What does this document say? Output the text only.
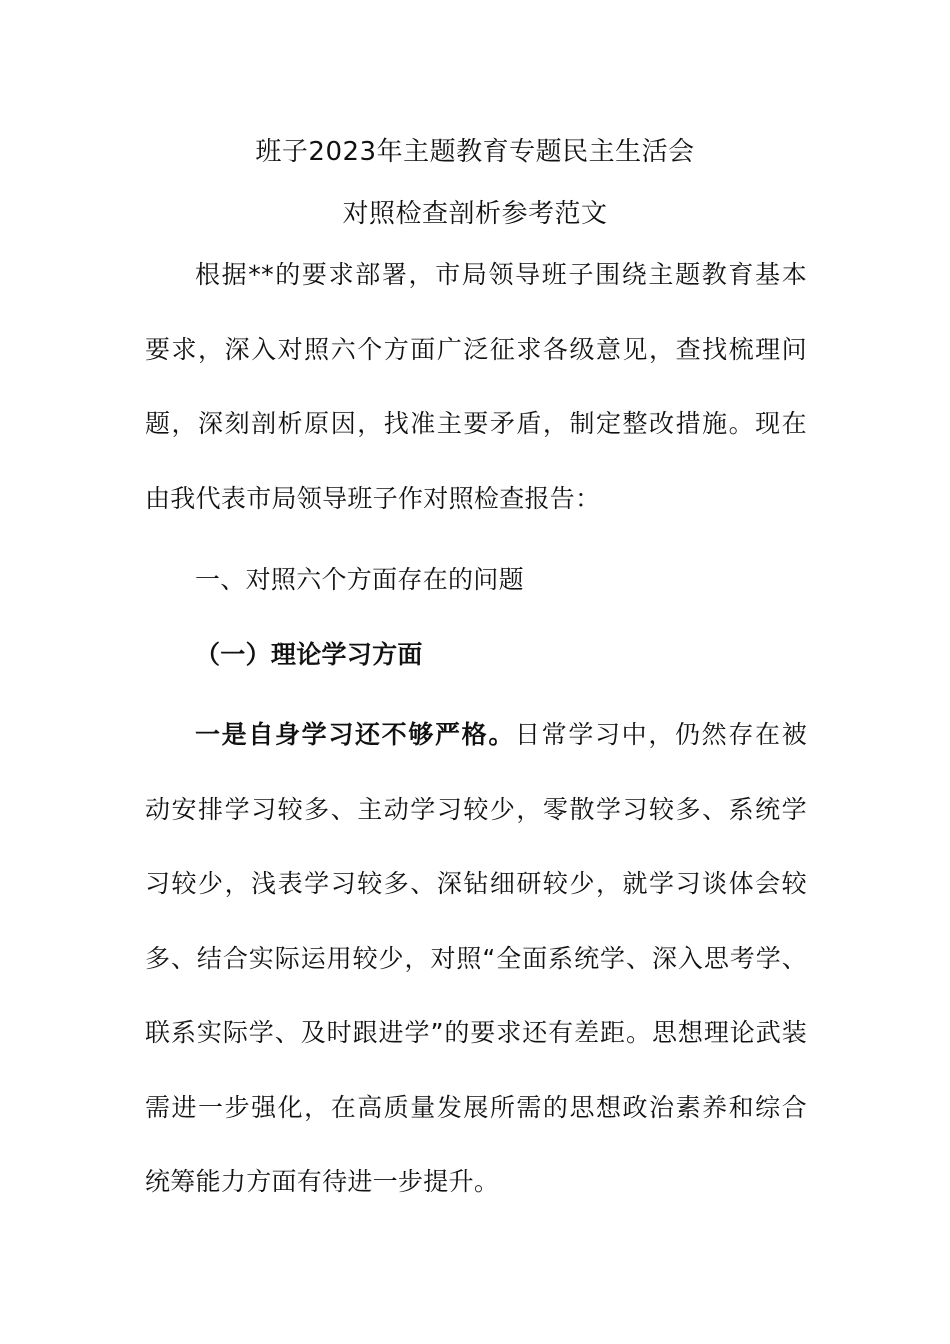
班子2023年主题教育专题民主生活会
对照检查剖析参考范文
根据**的要求部署，市局领导班子围绕主题教育基本
要求，深入对照六个方面广泛征求各级意见，查找梳理问
题，深刻剖析原因，找准主要矛盾，制定整改措施。现在
由我代表市局领导班子作对照检查报告：
一、对照六个方面存在的问题
（一）理论学习方面
一是自身学习还不够严格。日常学习中，仍然存在被
动安排学习较多、主动学习较少，零散学习较多、系统学
习较少，浅表学习较多、深钻细研较少，就学习谈体会较
多、结合实际运用较少，对照“全面系统学、深入思考学、
联系实际学、及时跟进学”的要求还有差距。思想理论武装
需进一步强化，在高质量发展所需的思想政治素养和综合
统筹能力方面有待进一步提升。
